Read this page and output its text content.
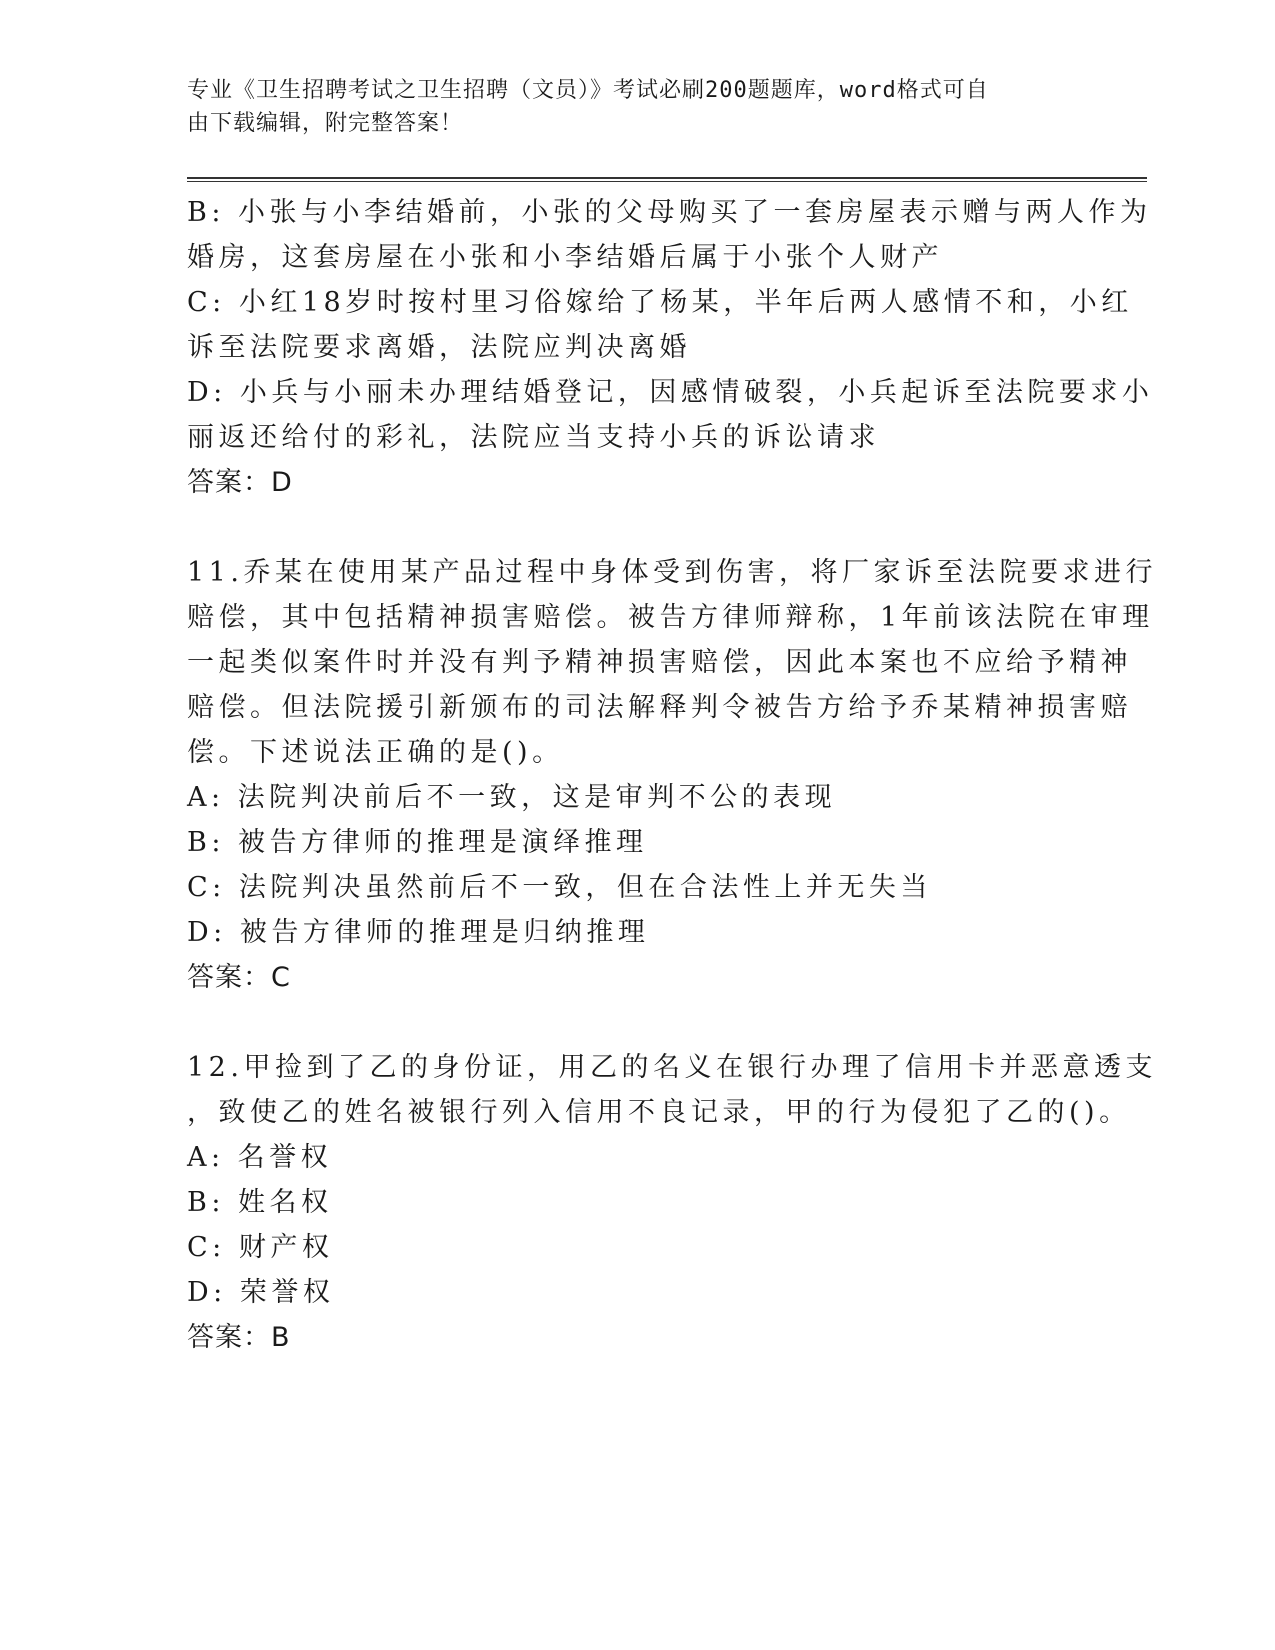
专业《卫生招聘考试之卫生招聘（文员）》考试必刷200题题库，word格式可自
由下载编辑，附完整答案！
B: 小张与小李结婚前，小张的父母购买了一套房屋表示赠与两人作为
婚房，这套房屋在小张和小李结婚后属于小张个人财产
C: 小红18岁时按村里习俗嫁给了杨某，半年后两人感情不和，小红
诉至法院要求离婚，法院应判决离婚
D: 小兵与小丽未办理结婚登记，因感情破裂，小兵起诉至法院要求小
丽返还给付的彩礼，法院应当支持小兵的诉讼请求
答案：D
11.乔某在使用某产品过程中身体受到伤害，将厂家诉至法院要求进行
赔偿，其中包括精神损害赔偿。被告方律师辩称，1年前该法院在审理
一起类似案件时并没有判予精神损害赔偿，因此本案也不应给予精神
赔偿。但法院援引新颁布的司法解释判令被告方给予乔某精神损害赔
偿。下述说法正确的是()。
A: 法院判决前后不一致，这是审判不公的表现
B: 被告方律师的推理是演绎推理
C: 法院判决虽然前后不一致，但在合法性上并无失当
D: 被告方律师的推理是归纳推理
答案：C
12.甲捡到了乙的身份证，用乙的名义在银行办理了信用卡并恶意透支
，致使乙的姓名被银行列入信用不良记录，甲的行为侵犯了乙的()。
A: 名誉权
B: 姓名权
C: 财产权
D: 荣誉权
答案：B
